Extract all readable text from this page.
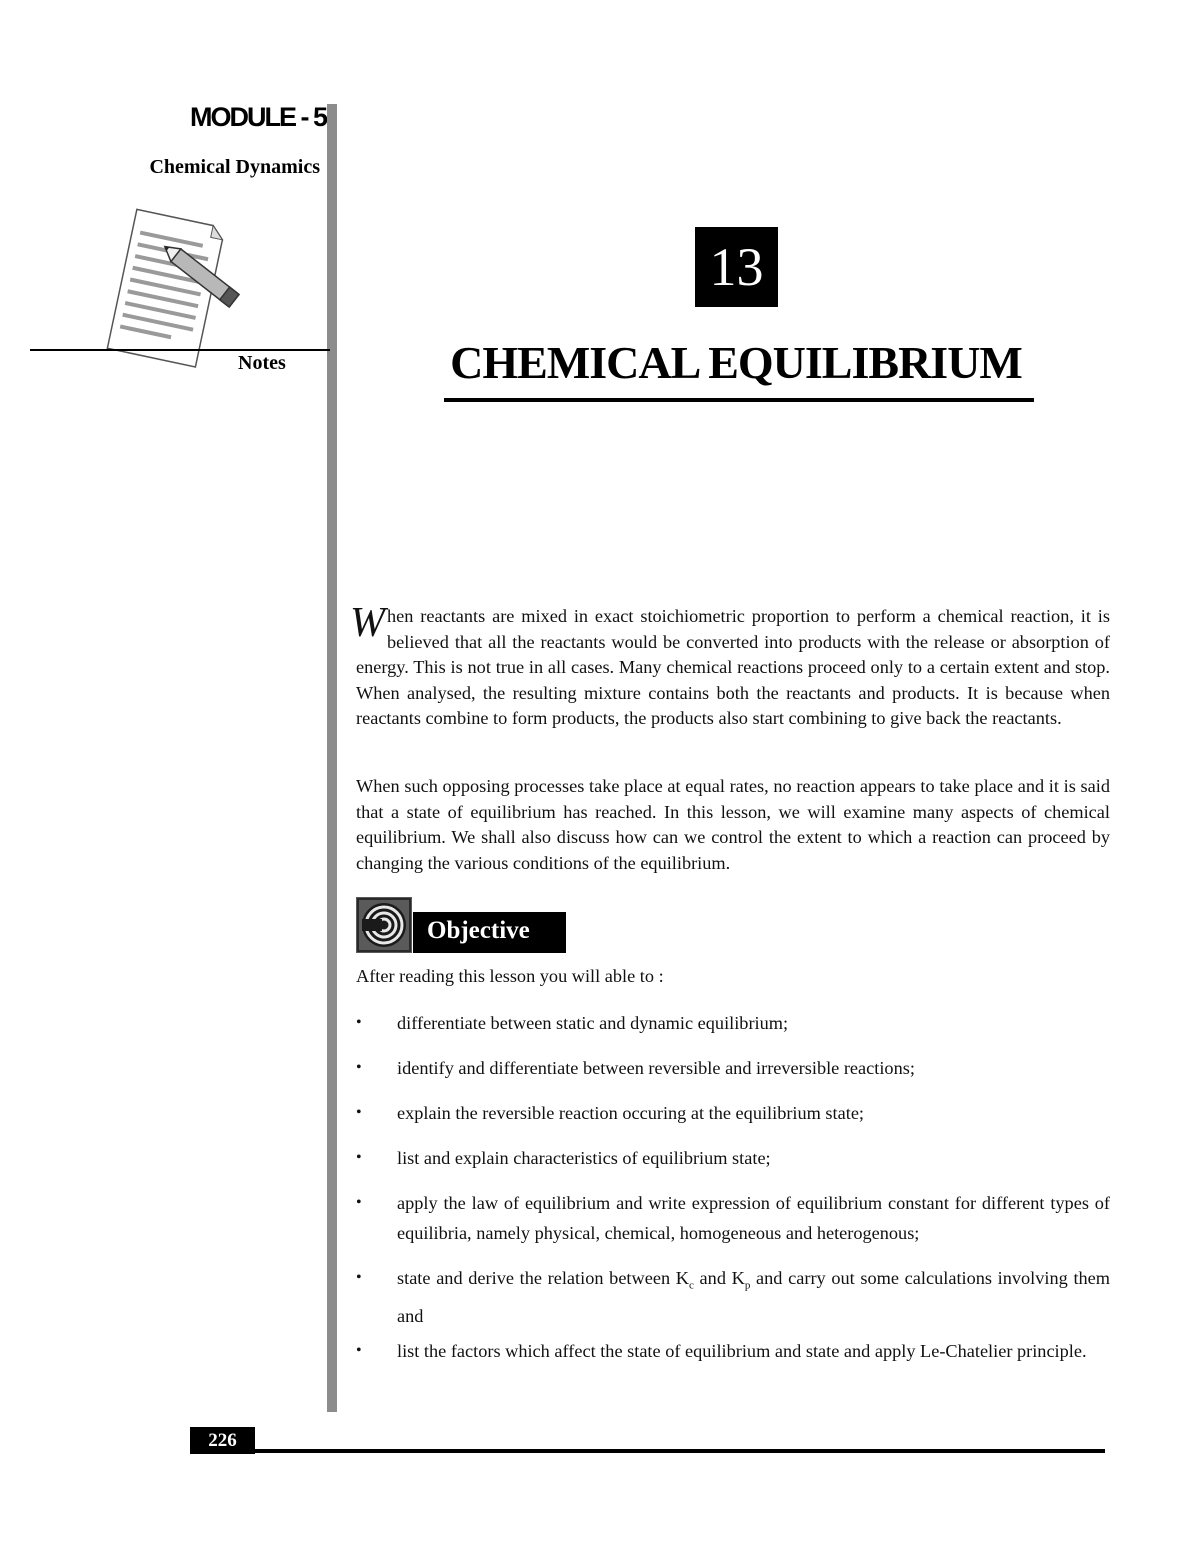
MODULE - 5
Chemical Dynamics
Notes
13
CHEMICAL EQUILIBRIUM

When reactants are mixed in exact stoichiometric proportion to perform a chemical reaction, it is believed that all the reactants would be converted into products with the release or absorption of energy. This is not true in all cases. Many chemical reactions proceed only to a certain extent and stop. When analysed, the resulting mixture contains both the reactants and products. It is because when reactants combine to form products, the products also start combining to give back the reactants.

When such opposing processes take place at equal rates, no reaction appears to take place and it is said that a state of equilibrium has reached. In this lesson, we will examine many aspects of chemical equilibrium. We shall also discuss how can we control the extent to which a reaction can proceed by changing the various conditions of the equilibrium.

Objective
After reading this lesson you will able to :
• differentiate between static and dynamic equilibrium;
• identify and differentiate between reversible and irreversible reactions;
• explain the reversible reaction occuring at the equilibrium state;
• list and explain characteristics of equilibrium state;
• apply the law of equilibrium and write expression of equilibrium constant for different types of equilibria, namely physical, chemical, homogeneous and heterogenous;
• state and derive the relation between $K_c$ and $K_p$ and carry out some calculations involving them and
• list the factors which affect the state of equilibrium and state and apply Le-Chatelier principle.
226
